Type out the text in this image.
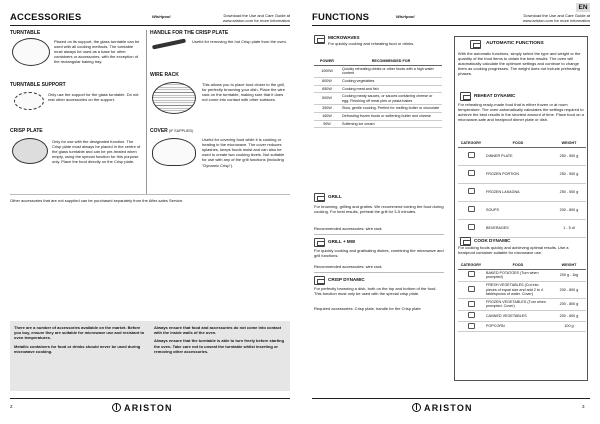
ACCESSORIES	Whirlpool	Download the Use and Care Guide at
www.ariston.com for more information
TURNTABLE
Placed on its support, the glass turntable can be used with all cooking methods. The turntable must always be used as a base for other containers or accessories, with the exception of the rectangular baking tray.
TURNTABLE SUPPORT
Only use the support for the glass turntable. Do not rest other accessories on the support.
CRISP PLATE
Only for use with the designated function. The Crisp plate must always be placed in the centre of the glass turntable and can be pre-heated when empty, using the special function for this purpose only. Place the food directly on the Crisp plate.
HANDLE FOR THE CRISP PLATE
Useful for removing the hot Crisp plate from the oven.
WIRE RACK
This allows you to place food closer to the grill, for perfectly browning your dish. Place the wire rack on the turntable, making sure that it does not come into contact with other surfaces.
COVER (IF SUPPLIED)
Useful for covering food while it is cooking or heating in the microwave. The cover reduces splashes, keeps foods moist and can also be used to create two cooking levels. Not suitable for use with any of the grill functions (including "Dynamic Crisp").
Other accessories that are not supplied can be purchased separately from the After-sales Service.

There are a number of accessories available on the market. Before you buy, ensure they are suitable for microwave use and resistant to oven temperatures.

Metallic containers for food or drinks should never be used during microwave cooking.

Always ensure that food and accessories do not come into contact with the inside walls of the oven.

Always ensure that the turntable is able to turn freely before starting the oven. Take care not to unseat the turntable whilst inserting or removing other accessories.

2	ARISTON
EN
FUNCTIONS	Whirlpool	Download the Use and Care Guide at
www.ariston.com for more information
MICROWAVES
For quickly cooking and reheating food or drinks.
POWER	RECOMMENDED FOR
1000W	Quickly reheating drinks or other foods with a high water content
800W	Cooking vegetables
650W	Cooking meat and fish
500W	Cooking meaty sauces, or sauces containing cheese or egg. Finishing off meat pies or pasta bakes
350W	Slow, gentle cooking. Perfect for melting butter or chocolate
160W	Defrosting frozen foods or softening butter and cheese
90W	Softening ice cream
GRILL
For browning, grilling and gratins. We recommend turning the food during cooking. For best results, preheat the grill for 3-5 minutes.
Recommended accessories: wire rack
GRILL + MW
For quickly cooking and gratinating dishes, combining the microwave and grill functions.
Recommended accessories: wire rack
CRISP DYNAMIC
For perfectly browning a dish, both on the top and bottom of the food. This function must only be used with the special crisp plate.
Required accessories: Crisp plate, handle for the Crisp plate
AUTOMATIC FUNCTIONS
With the automatic functions, simply select the type and weight or the quantity of the food items to obtain the best results. The oven will automatically calculate the optimum settings and continue to change them as cooking progresses. The weight does not include preheating phases.
REHEAT DYNAMIC
For reheating ready-made food that is either frozen or at room temperature. The oven automatically calculates the settings required to achieve the best results in the shortest amount of time. Place food on a microwave-safe and heatproof dinner plate or dish.
CATEGORY	FOOD	WEIGHT
	DINNER PLATE	250 - 500 g
	FROZEN PORTION	250 - 500 g
	FROZEN LASAGNA	250 - 500 g
	SOUPS	200 - 800 g
	BEVERAGES	1 - 5 dl
COOK DYNAMIC
For cooking foods quickly and achieving optimal results. Use a heatproof container suitable for microwave use.
CATEGORY	FOOD	WEIGHT
	BAKED POTATOES (Turn when prompted)	200 g - 1kg
	FRESH VEGETABLES (Cut into pieces of equal size and add 2 to 4 tablespoons of water. Cover)	200 - 800 g
	FROZEN VEGETABLES (Turn when prompted. Cover)	200 - 800 g
	CANNED VEGETABLES	200 - 600 g
	POPCORN	100 g
ARISTON	3
